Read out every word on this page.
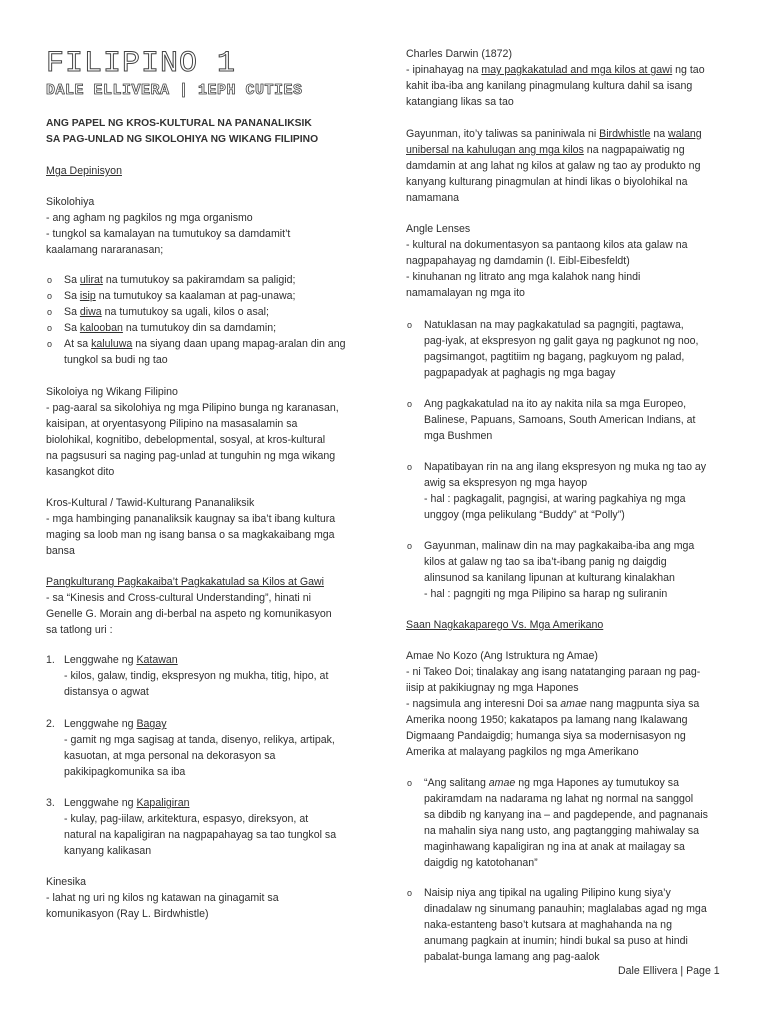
FILIPINO 1
DALE ELLIVERA | 1EPH CUTIES
ANG PAPEL NG KROS-KULTURAL NA PANANALIKSIK
SA PAG-UNLAD NG SIKOLOHIYA NG WIKANG FILIPINO
Mga Depinisyon
Sikolohiya
- ang agham ng pagkilos ng mga organismo
- tungkol sa kamalayan na tumutukoy sa damdamit’t
kaalamang nararanasan;
o Sa ulirat na tumutukoy sa pakiramdam sa paligid;
o Sa isip na tumutukoy sa kaalaman at pag-unawa;
o Sa diwa na tumutukoy sa ugali, kilos o asal;
o Sa kalooban na tumutukoy din sa damdamin;
o At sa kaluluwa na siyang daan upang mapag-aralan din ang
tungkol sa budi ng tao
Sikoloiya ng Wikang Filipino
- pag-aaral sa sikolohiya ng mga Pilipino bunga ng karanasan,
kaisipan, at oryentasyong Pilipino na masasalamin sa
biolohikal, kognitibo, debelopmental, sosyal, at kros-kultural
na pagsusuri sa naging pag-unlad at tunguhin ng mga wikang
kasangkot dito
Kros-Kultural / Tawid-Kulturang Pananaliksik
- mga hambinging pananaliksik kaugnay sa iba’t ibang kultura
maging sa loob man ng isang bansa o sa magkakaibang mga
bansa
Pangkulturang Pagkakaiba’t Pagkakatulad sa Kilos at Gawi
- sa “Kinesis and Cross-cultural Understanding”, hinati ni
Genelle G. Morain ang di-berbal na aspeto ng komunikasyon
sa tatlong uri :
1. Lenggwahe ng Katawan
- kilos, galaw, tindig, ekspresyon ng mukha, titig, hipo, at
distansya o agwat
2. Lenggwahe ng Bagay
- gamit ng mga sagisag at tanda, disenyo, relikya, artipak,
kasuotan, at mga personal na dekorasyon sa
pakikipagkomunika sa iba
3. Lenggwahe ng Kapaligiran
- kulay, pag-iilaw, arkitektura, espasyo, direksyon, at
natural na kapaligiran na nagpapahayag sa tao tungkol sa
kanyang kalikasan
Kinesika
- lahat ng uri ng kilos ng katawan na ginagamit sa
komunikasyon (Ray L. Birdwhistle)
Charles Darwin (1872)
- ipinahayag na may pagkakatulad and mga kilos at gawi ng tao
kahit iba-iba ang kanilang pinagmulang kultura dahil sa isang
katangiang likas sa tao
Gayunman, ito’y taliwas sa paniniwala ni Birdwhistle na walang
unibersal na kahulugan ang mga kilos na nagpapaiwatig ng
damdamin at ang lahat ng kilos at galaw ng tao ay produkto ng
kanyang kulturang pinagmulan at hindi likas o biyolohikal na
namamana
Angle Lenses
- kultural na dokumentasyon sa pantaong kilos ata galaw na
nagpapahayag ng damdamin (I. Eibl-Eibesfeldt)
- kinuhanan ng litrato ang mga kalahok nang hindi
namamalayan ng mga ito
o Natuklasan na may pagkakatulad sa pagngiti, pagtawa,
pag-iyak, at ekspresyon ng galit gaya ng pagkunot ng noo,
pagsimangot, pagtitiim ng bagang, pagkuyom ng palad,
pagpapadyak at paghagis ng mga bagay
o Ang pagkakatulad na ito ay nakita nila sa mga Europeo,
Balinese, Papuans, Samoans, South American Indians, at
mga Bushmen
o Napatibayan rin na ang ilang ekspresyon ng muka ng tao ay
awig sa ekspresyon ng mga hayop
- hal : pagkagalit, pagngisi, at waring pagkahiya ng mga
unggoy (mga pelikulang “Buddy” at “Polly”)
o Gayunman, malinaw din na may pagkakaiba-iba ang mga
kilos at galaw ng tao sa iba’t-ibang panig ng daigdig
alinsunod sa kanilang lipunan at kulturang kinalakhan
- hal : pagngiti ng mga Pilipino sa harap ng suliranin
Saan Nagkakaparego Vs. Mga Amerikano
Amae No Kozo (Ang Istruktura ng Amae)
- ni Takeo Doi; tinalakay ang isang natatanging paraan ng pag-
iisip at pakikiugnay ng mga Hapones
- nagsimula ang interesni Doi sa amae nang magpunta siya sa
Amerika noong 1950; kakatapos pa lamang nang Ikalawang
Digmaang Pandaigdig; humanga siya sa modernisasyon ng
Amerika at malayang pagkilos ng mga Amerikano
o “Ang salitang amae ng mga Hapones ay tumutukoy sa
pakiramdam na nadarama ng lahat ng normal na sanggol
sa dibdib ng kanyang ina – and pagdepende, and pagnanais
na mahalin siya nang usto, ang pagtangging mahiwalay sa
maginhawang kapaligiran ng ina at anak at mailagay sa
daigdig ng katotohanan”
o Naisip niya ang tipikal na ugaling Pilipino kung siya’y
dinadalaw ng sinumang panauhin; maglalabas agad ng mga
naka-estanteng baso’t kutsara at maghahanda na ng
anumang pagkain at inumin; hindi bukal sa puso at hindi
pabalat-bunga lamang ang pag-aalok
Dale Ellivera | Page 1
